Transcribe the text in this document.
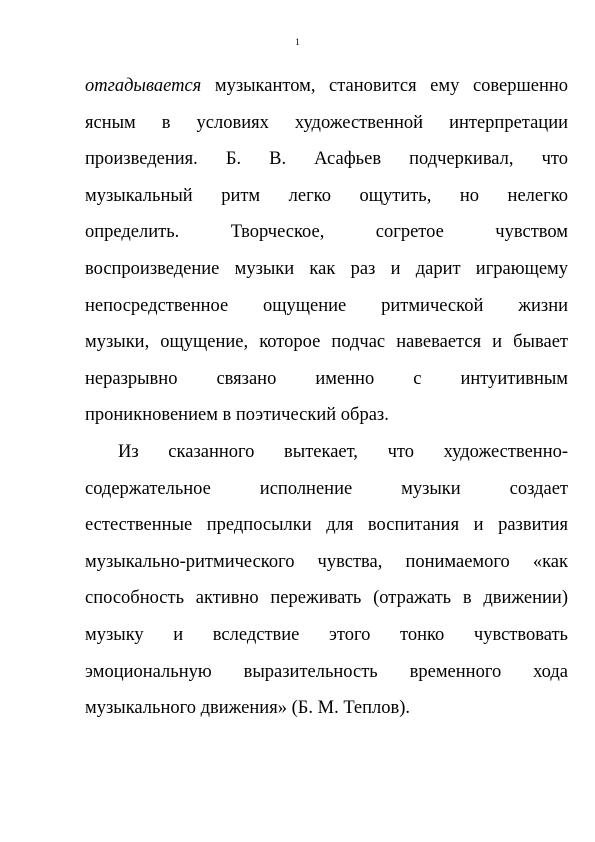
1

отгадывается музыкантом, становится ему совершенно
ясным в условиях художественной интерпретации
произведения. Б. В. Асафьев подчеркивал, что
музыкальный ритм легко ощутить, но нелегко
определить. Творческое, согретое чувством
воспроизведение музыки как раз и дарит играющему
непосредственное ощущение ритмической жизни
музыки, ощущение, которое подчас навевается и бывает
неразрывно связано именно с интуитивным
проникновением в поэтический образ.

Из сказанного вытекает, что художественно-
содержательное исполнение музыки создает
естественные предпосылки для воспитания и развития
музыкально-ритмического чувства, понимаемого «как
способность активно переживать (отражать в движении)
музыку и вследствие этого тонко чувствовать
эмоциональную выразительность временного хода
музыкального движения» (Б. М. Теплов).
